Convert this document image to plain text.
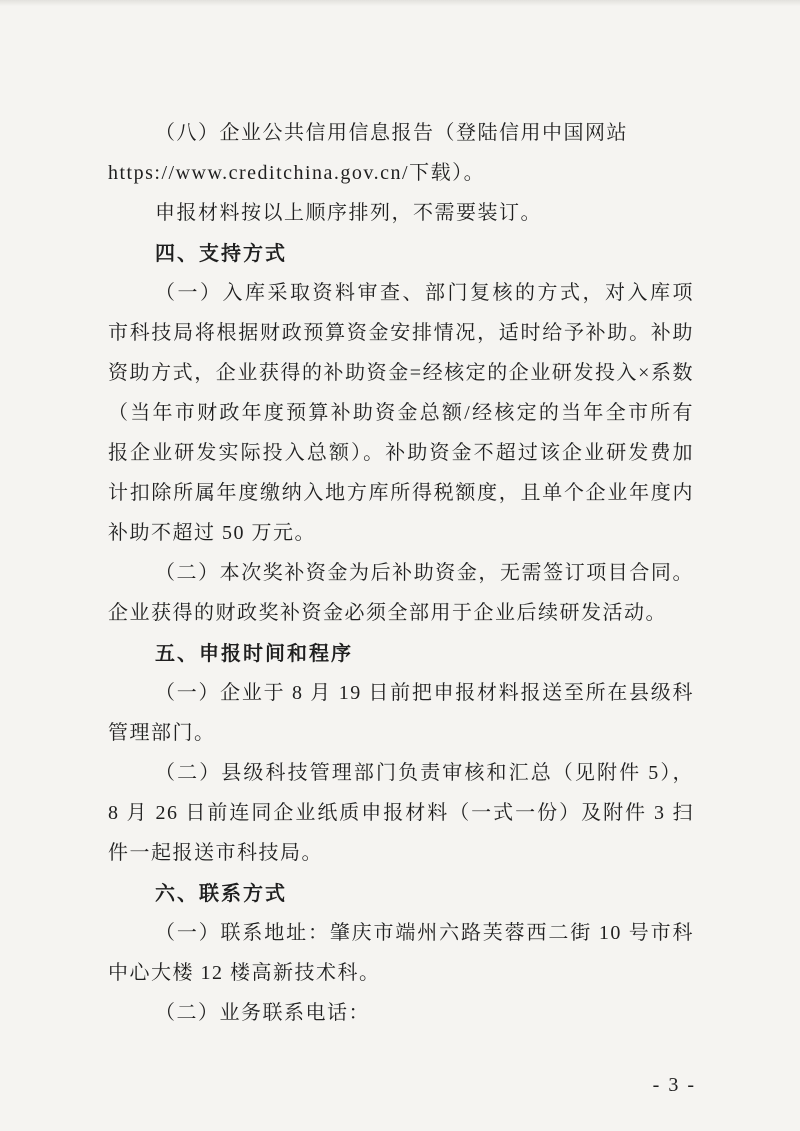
（八）企业公共信用信息报告（登陆信用中国网站
https://www.creditchina.gov.cn/下载）。
申报材料按以上顺序排列，不需要装订。
四、支持方式
（一）入库采取资料审查、部门复核的方式，对入库项
市科技局将根据财政预算资金安排情况，适时给予补助。补助
资助方式，企业获得的补助资金=经核定的企业研发投入×系数
（当年市财政年度预算补助资金总额/经核定的当年全市所有
报企业研发实际投入总额）。补助资金不超过该企业研发费加
计扣除所属年度缴纳入地方库所得税额度，且单个企业年度内
补助不超过 50 万元。
（二）本次奖补资金为后补助资金，无需签订项目合同。
企业获得的财政奖补资金必须全部用于企业后续研发活动。
五、申报时间和程序
（一）企业于 8 月 19 日前把申报材料报送至所在县级科
管理部门。
（二）县级科技管理部门负责审核和汇总（见附件 5），
8 月 26 日前连同企业纸质申报材料（一式一份）及附件 3 扫
件一起报送市科技局。
六、联系方式
（一）联系地址：肇庆市端州六路芙蓉西二街 10 号市科
中心大楼 12 楼高新技术科。
（二）业务联系电话：
- 3 -
